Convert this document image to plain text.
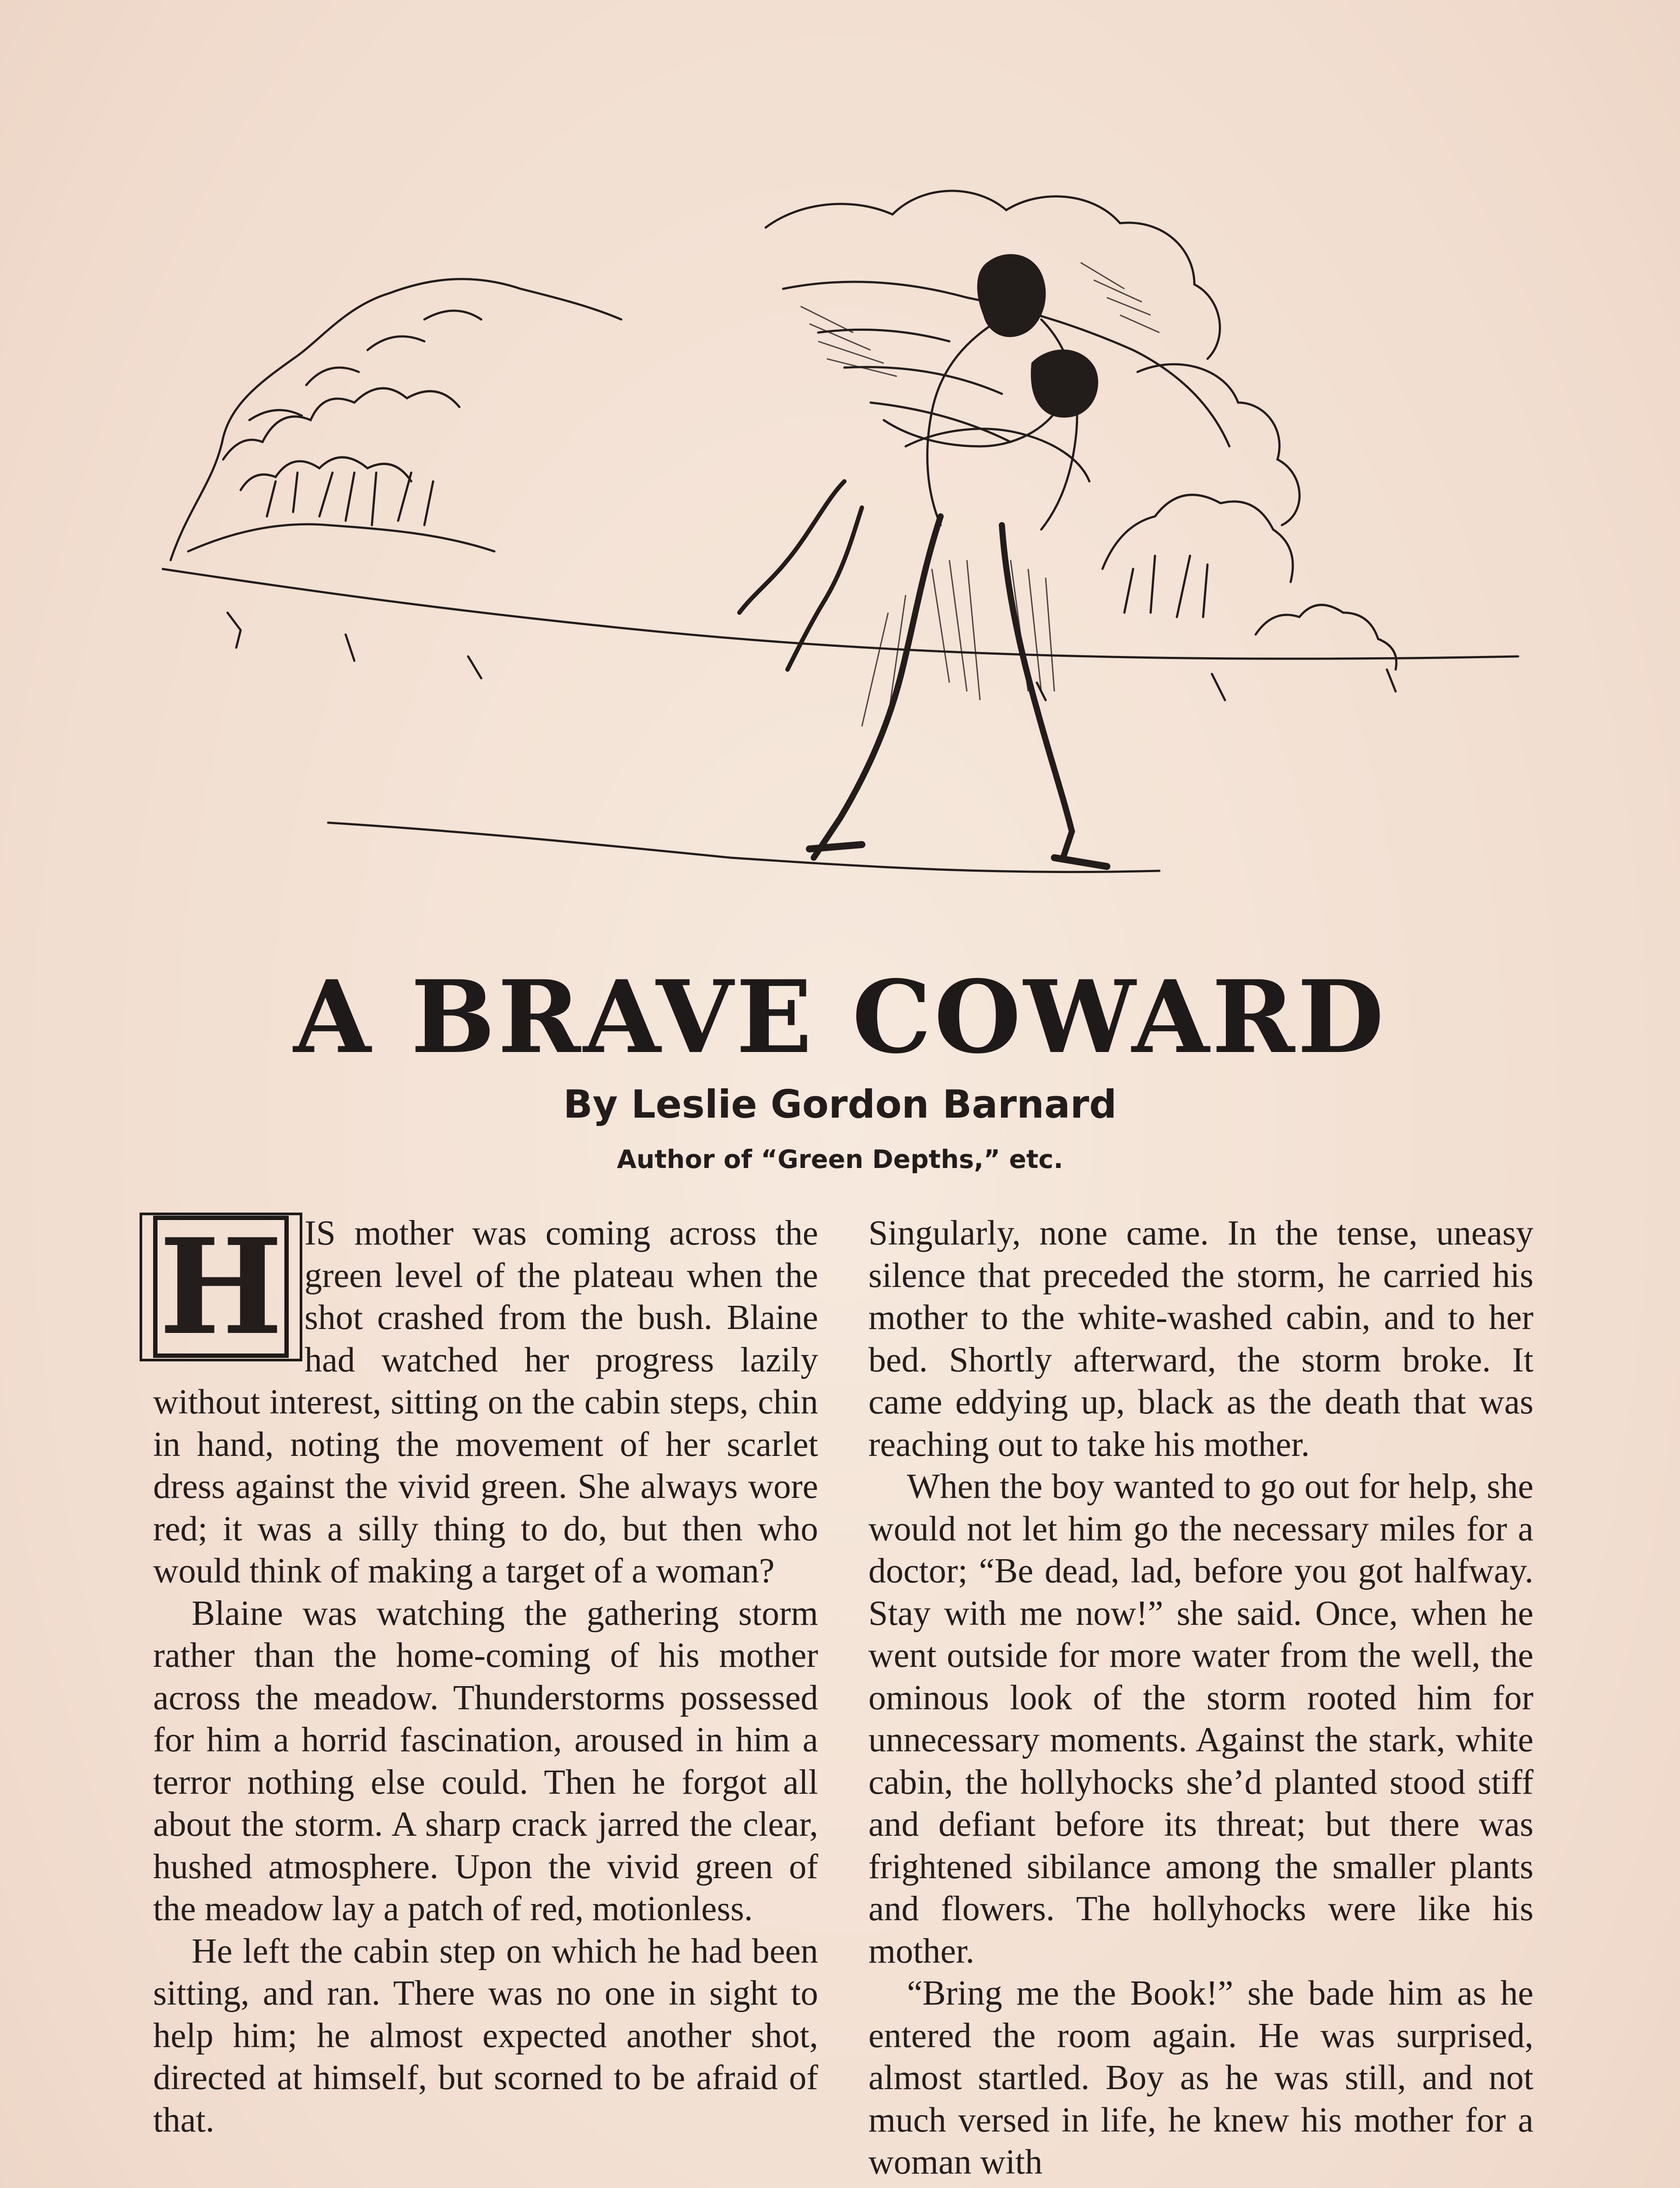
A BRAVE COWARD
By Leslie Gordon Barnard
Author of “Green Depths,” etc.

H IS mother was coming across the green level of the plateau when the shot crashed from the bush. Blaine had watched her progress lazily without interest, sitting on the cabin steps, chin in hand, noting the movement of her scarlet dress against the vivid green. She always wore red; it was a silly thing to do, but then who would think of making a target of a woman?

Blaine was watching the gathering storm rather than the home-coming of his mother across the meadow. Thunderstorms possessed for him a horrid fascination, aroused in him a terror nothing else could. Then he forgot all about the storm. A sharp crack jarred the clear, hushed atmosphere. Upon the vivid green of the meadow lay a patch of red, motionless.

He left the cabin step on which he had been sitting, and ran. There was no one in sight to help him; he almost expected another shot, directed at himself, but scorned to be afraid of that.

Singularly, none came. In the tense, uneasy silence that preceded the storm, he carried his mother to the white-washed cabin, and to her bed. Shortly afterward, the storm broke. It came eddying up, black as the death that was reaching out to take his mother.

When the boy wanted to go out for help, she would not let him go the necessary miles for a doctor; “Be dead, lad, before you got halfway. Stay with me now!” she said. Once, when he went outside for more water from the well, the ominous look of the storm rooted him for unnecessary moments. Against the stark, white cabin, the hollyhocks she’d planted stood stiff and defiant before its threat; but there was frightened sibilance among the smaller plants and flowers. The hollyhocks were like his mother.

“Bring me the Book!” she bade him as he entered the room again. He was surprised, almost startled. Boy as he was still, and not much versed in life, he knew his mother for a woman with
